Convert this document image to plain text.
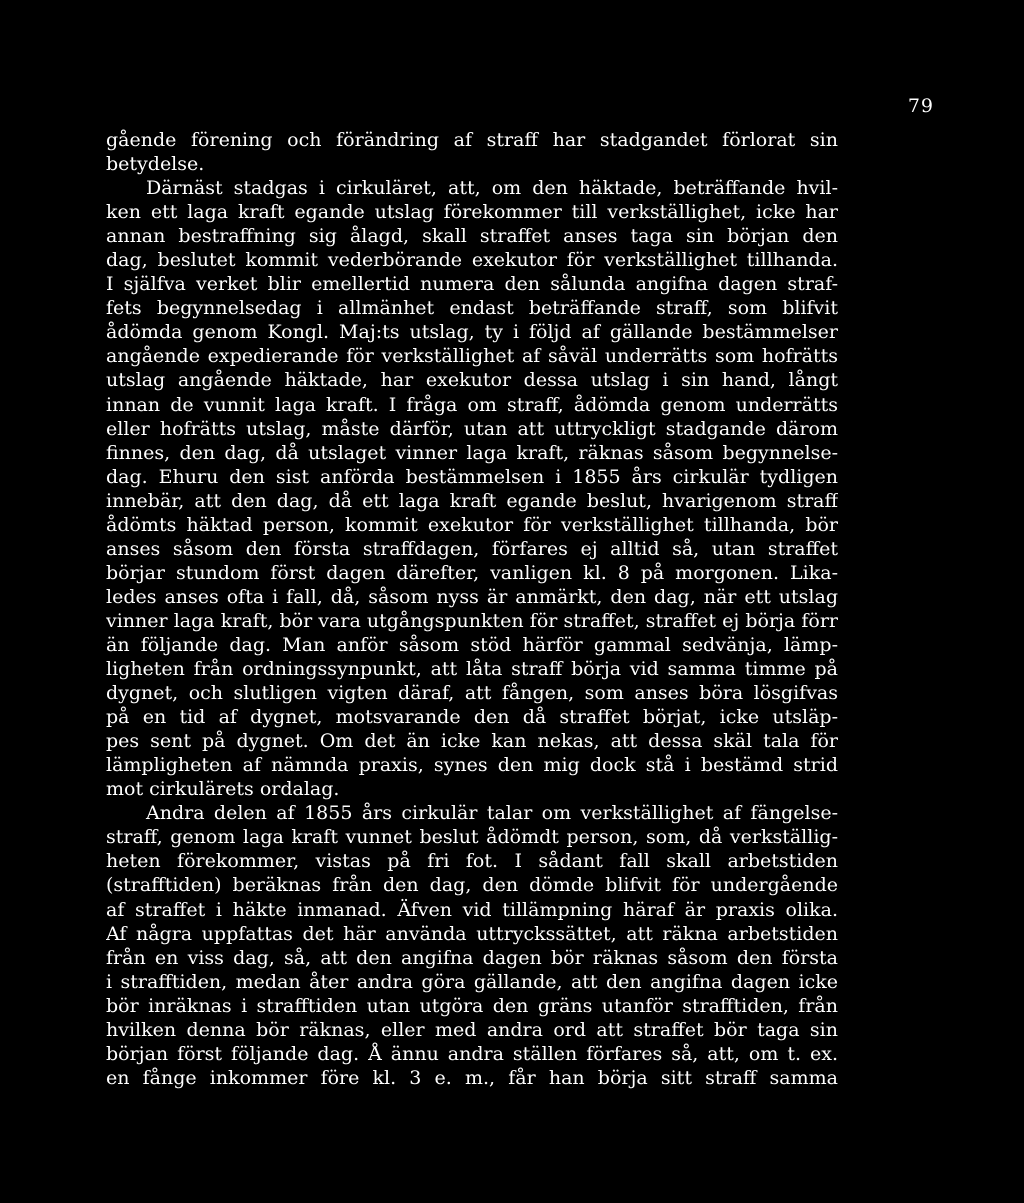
79
gående förening och förändring af straff har stadgandet förlorat sin
betydelse.
Därnäst stadgas i cirkuläret, att, om den häktade, beträffande hvil-
ken ett laga kraft egande utslag förekommer till verkställighet, icke har
annan bestraffning sig ålagd, skall straffet anses taga sin början den
dag, beslutet kommit vederbörande exekutor för verkställighet tillhanda.
I själfva verket blir emellertid numera den sålunda angifna dagen straf-
fets begynnelsedag i allmänhet endast beträffande straff, som blifvit
ådömda genom Kongl. Maj:ts utslag, ty i följd af gällande bestämmelser
angående expedierande för verkställighet af såväl underrätts som hofrätts
utslag angående häktade, har exekutor dessa utslag i sin hand, långt
innan de vunnit laga kraft. I fråga om straff, ådömda genom underrätts
eller hofrätts utslag, måste därför, utan att uttryckligt stadgande därom
finnes, den dag, då utslaget vinner laga kraft, räknas såsom begynnelse-
dag. Ehuru den sist anförda bestämmelsen i 1855 års cirkulär tydligen
innebär, att den dag, då ett laga kraft egande beslut, hvarigenom straff
ådömts häktad person, kommit exekutor för verkställighet tillhanda, bör
anses såsom den första straffdagen, förfares ej alltid så, utan straffet
börjar stundom först dagen därefter, vanligen kl. 8 på morgonen. Lika-
ledes anses ofta i fall, då, såsom nyss är anmärkt, den dag, när ett utslag
vinner laga kraft, bör vara utgångspunkten för straffet, straffet ej börja förr
än följande dag. Man anför såsom stöd härför gammal sedvänja, lämp-
ligheten från ordningssynpunkt, att låta straff börja vid samma timme på
dygnet, och slutligen vigten däraf, att fången, som anses böra lösgifvas
på en tid af dygnet, motsvarande den då straffet börjat, icke utsläp-
pes sent på dygnet. Om det än icke kan nekas, att dessa skäl tala för
lämpligheten af nämnda praxis, synes den mig dock stå i bestämd strid
mot cirkulärets ordalag.
Andra delen af 1855 års cirkulär talar om verkställighet af fängelse-
straff, genom laga kraft vunnet beslut ådömdt person, som, då verkställig-
heten förekommer, vistas på fri fot. I sådant fall skall arbetstiden
(strafftiden) beräknas från den dag, den dömde blifvit för undergående
af straffet i häkte inmanad. Äfven vid tillämpning häraf är praxis olika.
Af några uppfattas det här använda uttryckssättet, att räkna arbetstiden
från en viss dag, så, att den angifna dagen bör räknas såsom den första
i strafftiden, medan åter andra göra gällande, att den angifna dagen icke
bör inräknas i strafftiden utan utgöra den gräns utanför strafftiden, från
hvilken denna bör räknas, eller med andra ord att straffet bör taga sin
början först följande dag. Å ännu andra ställen förfares så, att, om t. ex.
en fånge inkommer före kl. 3 e. m., får han börja sitt straff samma
